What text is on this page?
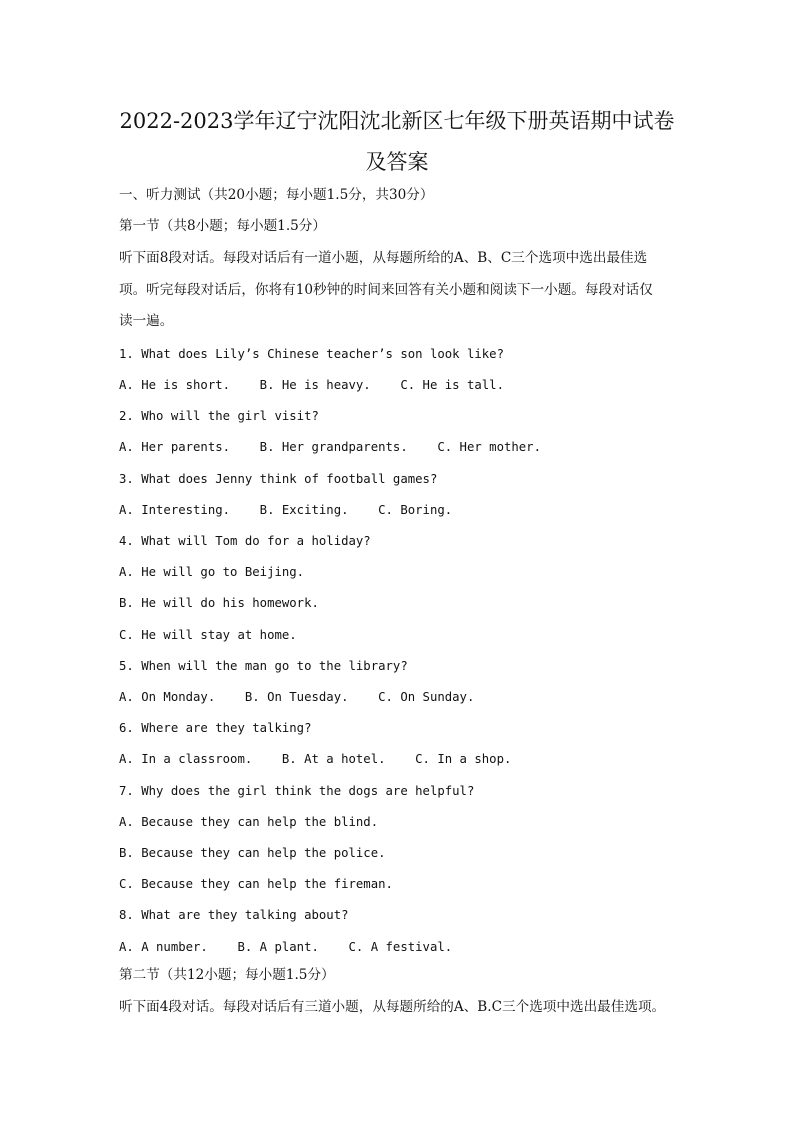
2022-2023学年辽宁沈阳沈北新区七年级下册英语期中试卷
及答案
一、听力测试（共20小题；每小题1.5分，共30分）
第一节（共8小题；每小题1.5分）
听下面8段对话。每段对话后有一道小题，从每题所给的A、B、C三个选项中选出最佳选
项。听完每段对话后，你将有10秒钟的时间来回答有关小题和阅读下一小题。每段对话仅
读一遍。
1. What does Lily’s Chinese teacher’s son look like?
A. He is short.    B. He is heavy.    C. He is tall.
2. Who will the girl visit?
A. Her parents.    B. Her grandparents.    C. Her mother.
3. What does Jenny think of football games?
A. Interesting.    B. Exciting.    C. Boring.
4. What will Tom do for a holiday?
A. He will go to Beijing.
B. He will do his homework.
C. He will stay at home.
5. When will the man go to the library?
A. On Monday.    B. On Tuesday.    C. On Sunday.
6. Where are they talking?
A. In a classroom.    B. At a hotel.    C. In a shop.
7. Why does the girl think the dogs are helpful?
A. Because they can help the blind.
B. Because they can help the police.
C. Because they can help the fireman.
8. What are they talking about?
A. A number.    B. A plant.    C. A festival.
第二节（共12小题；每小题1.5分）
听下面4段对话。每段对话后有三道小题，从每题所给的A、B.C三个选项中选出最佳选项。
